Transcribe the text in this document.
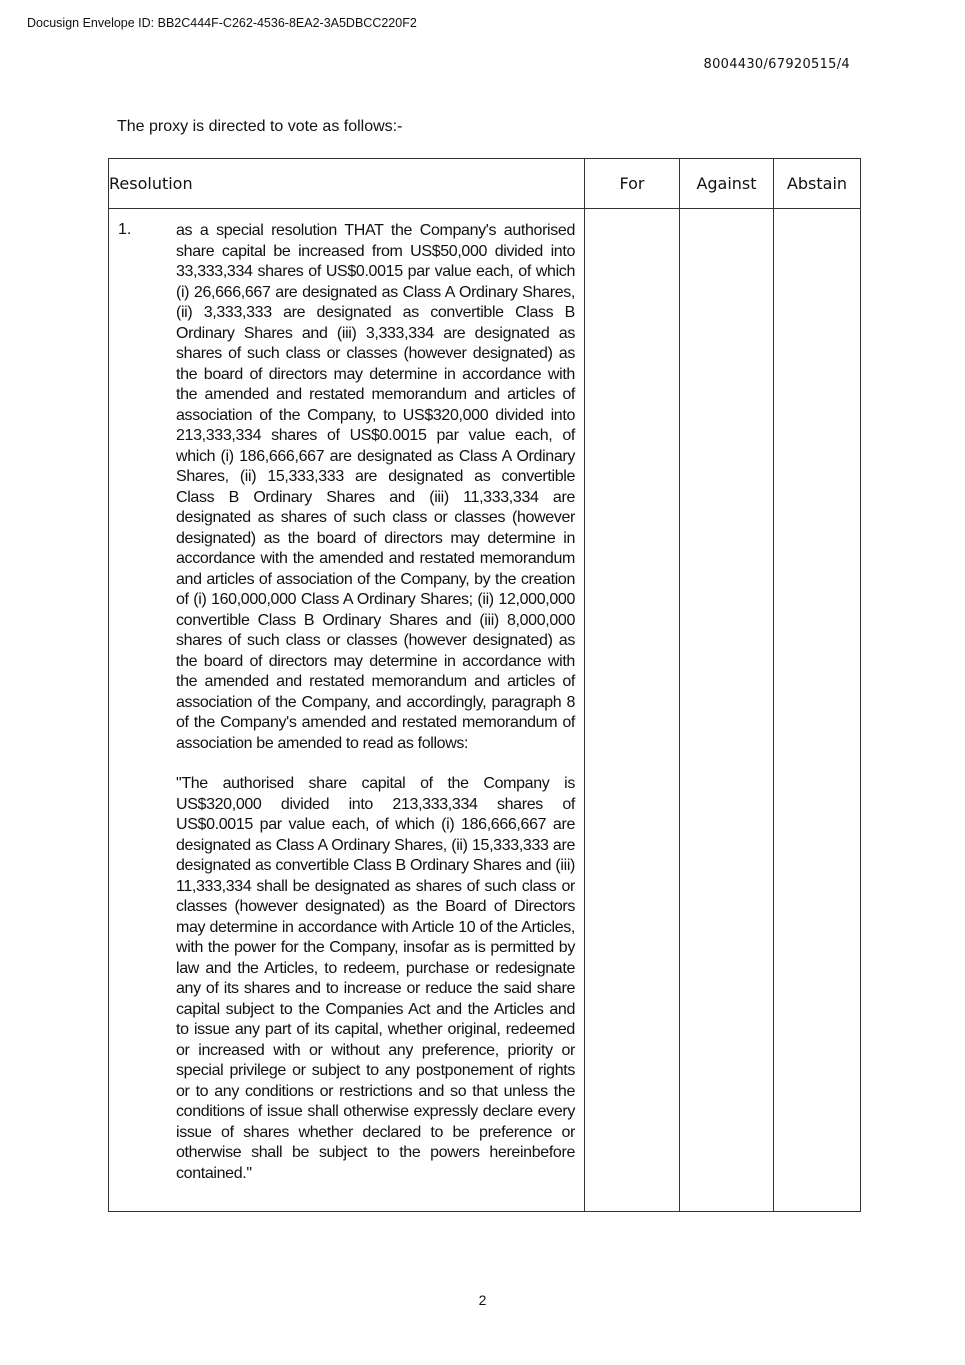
Docusign Envelope ID: BB2C444F-C262-4536-8EA2-3A5DBCC220F2
8004430/67920515/4
The proxy is directed to vote as follows:-
Resolution	For	Against	Abstain

1. as a special resolution THAT the Company's authorised share capital be increased from US$50,000 divided into 33,333,334 shares of US$0.0015 par value each, of which (i) 26,666,667 are designated as Class A Ordinary Shares, (ii) 3,333,333 are designated as convertible Class B Ordinary Shares and (iii) 3,333,334 are designated as shares of such class or classes (however designated) as the board of directors may determine in accordance with the amended and restated memorandum and articles of association of the Company, to US$320,000 divided into 213,333,334 shares of US$0.0015 par value each, of which (i) 186,666,667 are designated as Class A Ordinary Shares, (ii) 15,333,333 are designated as convertible Class B Ordinary Shares and (iii) 11,333,334 are designated as shares of such class or classes (however designated) as the board of directors may determine in accordance with the amended and restated memorandum and articles of association of the Company, by the creation of (i) 160,000,000 Class A Ordinary Shares; (ii) 12,000,000 convertible Class B Ordinary Shares and (iii) 8,000,000 shares of such class or classes (however designated) as the board of directors may determine in accordance with the amended and restated memorandum and articles of association of the Company, and accordingly, paragraph 8 of the Company's amended and restated memorandum of association be amended to read as follows:

"The authorised share capital of the Company is US$320,000 divided into 213,333,334 shares of US$0.0015 par value each, of which (i) 186,666,667 are designated as Class A Ordinary Shares, (ii) 15,333,333 are designated as convertible Class B Ordinary Shares and (iii) 11,333,334 shall be designated as shares of such class or classes (however designated) as the Board of Directors may determine in accordance with Article 10 of the Articles, with the power for the Company, insofar as is permitted by law and the Articles, to redeem, purchase or redesignate any of its shares and to increase or reduce the said share capital subject to the Companies Act and the Articles and to issue any part of its capital, whether original, redeemed or increased with or without any preference, priority or special privilege or subject to any postponement of rights or to any conditions or restrictions and so that unless the conditions of issue shall otherwise expressly declare every issue of shares whether declared to be preference or otherwise shall be subject to the powers hereinbefore contained."			

2
